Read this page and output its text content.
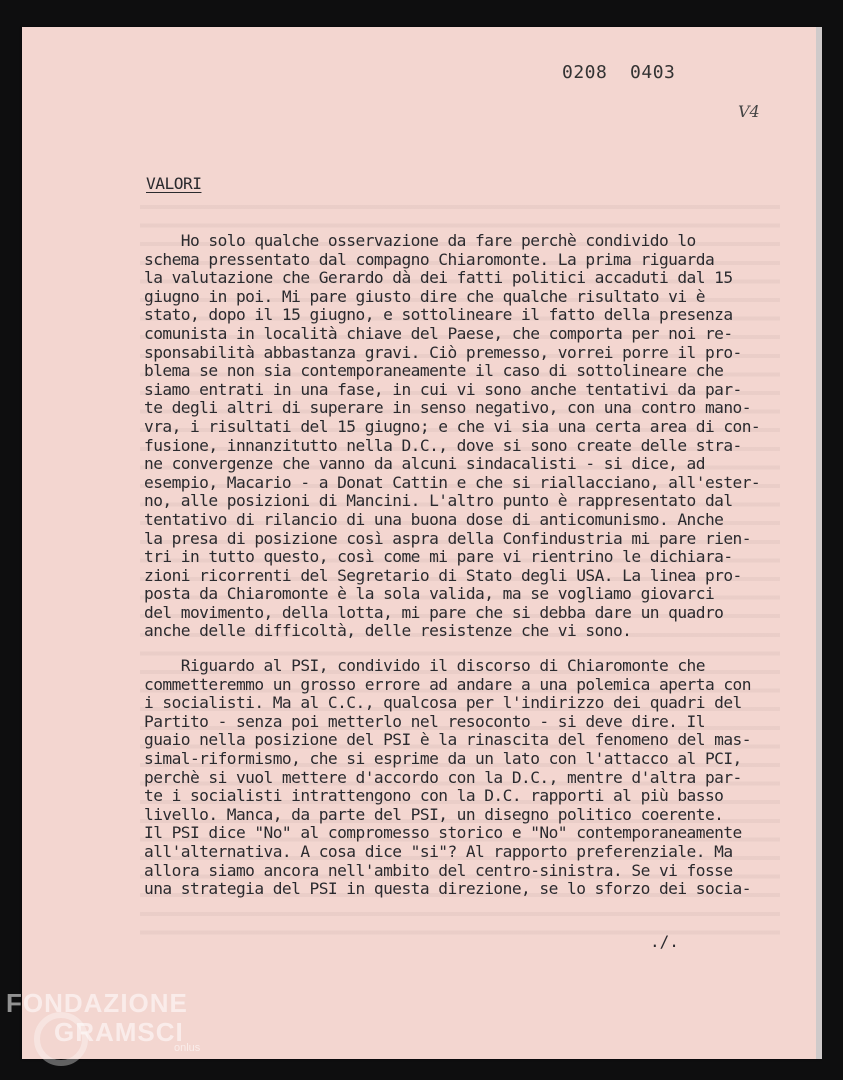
0208  0403
V4
VALORI
Ho solo qualche osservazione da fare perchè condivido lo
schema pressentato dal compagno Chiaromonte. La prima riguarda
la valutazione che Gerardo dà dei fatti politici accaduti dal 15
giugno in poi. Mi pare giusto dire che qualche risultato vi è
stato, dopo il 15 giugno, e sottolineare il fatto della presenza
comunista in località chiave del Paese, che comporta per noi re-
sponsabilità abbastanza gravi. Ciò premesso, vorrei porre il pro-
blema se non sia contemporaneamente il caso di sottolineare che
siamo entrati in una fase, in cui vi sono anche tentativi da par-
te degli altri di superare in senso negativo, con una contro mano-
vra, i risultati del 15 giugno; e che vi sia una certa area di con-
fusione, innanzitutto nella D.C., dove si sono create delle stra-
ne convergenze che vanno da alcuni sindacalisti - si dice, ad
esempio, Macario - a Donat Cattin e che si riallacciano, all'ester-
no, alle posizioni di Mancini. L'altro punto è rappresentato dal
tentativo di rilancio di una buona dose di anticomunismo. Anche
la presa di posizione così aspra della Confindustria mi pare rien-
tri in tutto questo, così come mi pare vi rientrino le dichiara-
zioni ricorrenti del Segretario di Stato degli USA. La linea pro-
posta da Chiaromonte è la sola valida, ma se vogliamo giovarci
del movimento, della lotta, mi pare che si debba dare un quadro
anche delle difficoltà, delle resistenze che vi sono.
Riguardo al PSI, condivido il discorso di Chiaromonte che
commetteremmo un grosso errore ad andare a una polemica aperta con
i socialisti. Ma al C.C., qualcosa per l'indirizzo dei quadri del
Partito - senza poi metterlo nel resoconto - si deve dire. Il
guaio nella posizione del PSI è la rinascita del fenomeno del mas-
simal-riformismo, che si esprime da un lato con l'attacco al PCI,
perchè si vuol mettere d'accordo con la D.C., mentre d'altra par-
te i socialisti intrattengono con la D.C. rapporti al più basso
livello. Manca, da parte del PSI, un disegno politico coerente.
Il PSI dice "No" al compromesso storico e "No" contemporaneamente
all'alternativa. A cosa dice "si"? Al rapporto preferenziale. Ma
allora siamo ancora nell'ambito del centro-sinistra. Se vi fosse
una strategia del PSI in questa direzione, se lo sforzo dei socia-
./.
FONDAZIONE
GRAMSCI
onlus
